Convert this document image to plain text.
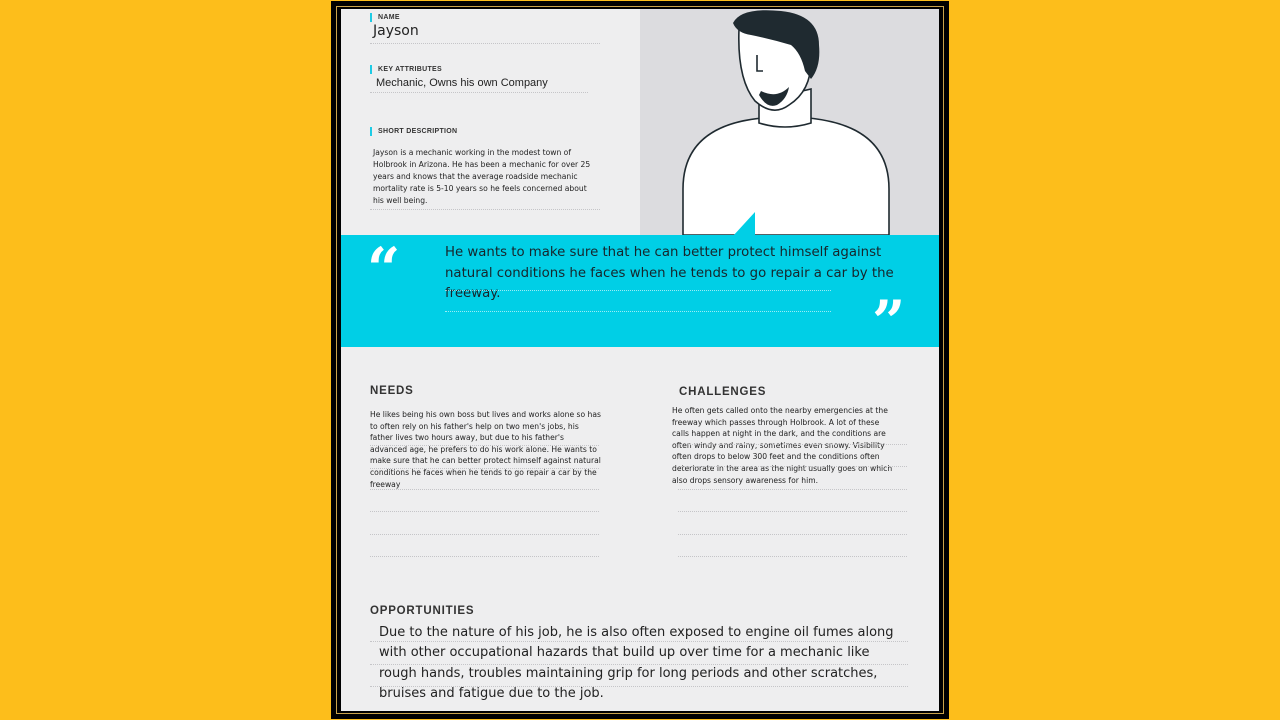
NAME
Jayson
KEY ATTRIBUTES
Mechanic, Owns his own Company
SHORT DESCRIPTION
Jayson is a mechanic working in the modest town of Holbrook in Arizona. He has been a mechanic for over 25 years and knows that the average roadside mechanic mortality rate is 5-10 years so he feels concerned about his well being.
“	He wants to make sure that he can better protect himself against natural conditions he faces when he tends to go repair a car by the freeway.	”
NEEDS
He likes being his own boss but lives and works alone so has to often rely on his father's help on two men's jobs, his father lives two hours away, but due to his father's advanced age, he prefers to do his work alone. He wants to make sure that he can better protect himself against natural conditions he faces when he tends to go repair a car by the freeway
CHALLENGES
He often gets called onto the nearby emergencies at the freeway which passes through Holbrook. A lot of these calls happen at night in the dark, and the conditions are often windy and rainy, sometimes even snowy. Visibility often drops to below 300 feet and the conditions often deteriorate in the area as the night usually goes on which also drops sensory awareness for him.
OPPORTUNITIES
Due to the nature of his job, he is also often exposed to engine oil fumes along with other occupational hazards that build up over time for a mechanic like rough hands, troubles maintaining grip for long periods and other scratches, bruises and fatigue due to the job.
